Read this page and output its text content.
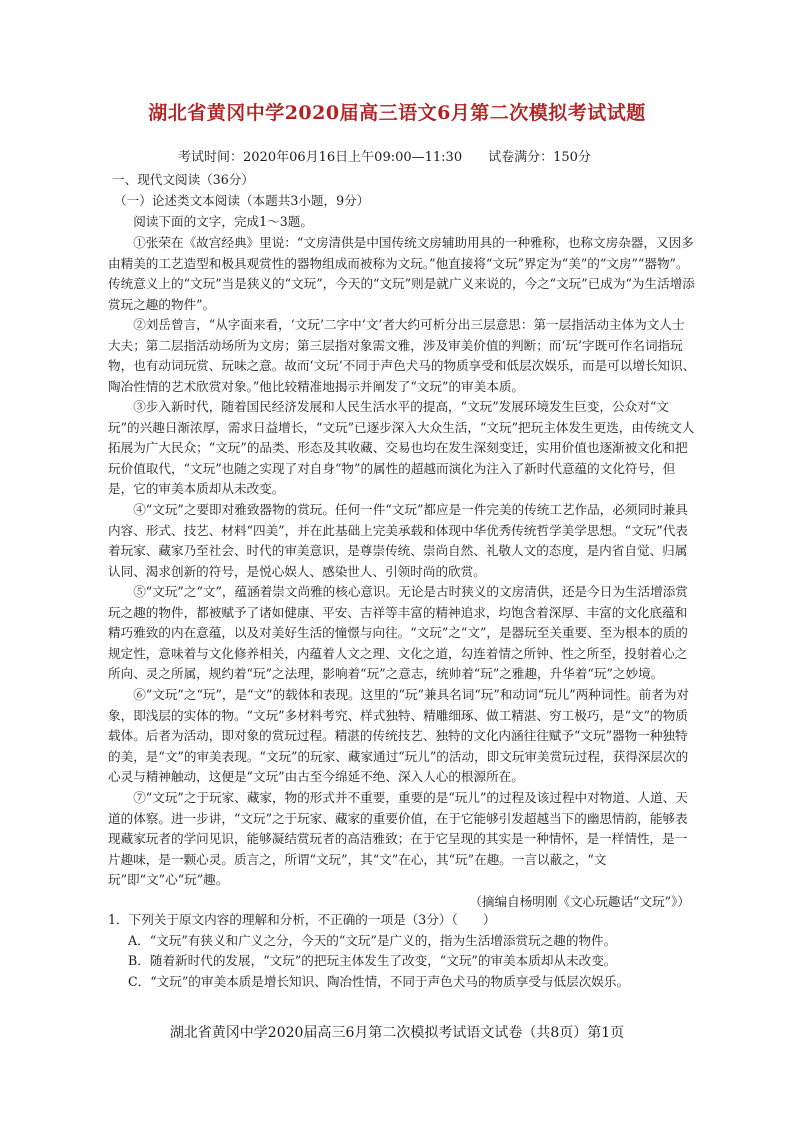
湖北省黄冈中学2020届高三语文6月第二次模拟考试试题
考试时间：2020年06月16日上午09:00—11:30　　试卷满分：150分
一、现代文阅读（36分）
（一）论述类文本阅读（本题共3小题，9分）
阅读下面的文字，完成1～3题。
①张荣在《故宫经典》里说：“文房清供是中国传统文房辅助用具的一种雅称，也称文房杂器，又因多由精美的工艺造型和极具观赏性的器物组成而被称为文玩。”他直接将“文玩”界定为“美”的“文房”“器物”。传统意义上的“文玩”当是狭义的“文玩”，今天的“文玩”则是就广义来说的，今之“文玩”已成为“为生活增添赏玩之趣的物件”。
②刘岳曾言，“从字面来看，‘文玩’二字中‘文’者大约可析分出三层意思：第一层指活动主体为文人士大夫；第二层指活动场所为文房；第三层指对象需文雅，涉及审美价值的判断；而‘玩’字既可作名词指玩物，也有动词玩赏、玩味之意。故而‘文玩’不同于声色犬马的物质享受和低层次娱乐，而是可以增长知识、陶冶性情的艺术欣赏对象。”他比较精准地揭示并阐发了“文玩”的审美本质。
③步入新时代，随着国民经济发展和人民生活水平的提高，“文玩”发展环境发生巨变，公众对“文玩”的兴趣日渐浓厚，需求日益增长，“文玩”已逐步深入大众生活，“文玩”把玩主体发生更迭，由传统文人拓展为广大民众；“文玩”的品类、形态及其收藏、交易也均在发生深刻变迁，实用价值也逐渐被文化和把玩价值取代，“文玩”也随之实现了对自身“物”的属性的超越而演化为注入了新时代意蕴的文化符号，但是，它的审美本质却从未改变。
④“文玩”之要即对雅致器物的赏玩。任何一件“文玩”都应是一件完美的传统工艺作品，必须同时兼具内容、形式、技艺、材料“四美”，并在此基础上完美承载和体现中华优秀传统哲学美学思想。“文玩”代表着玩家、藏家乃至社会、时代的审美意识，是尊崇传统、崇尚自然、礼敬人文的态度，是内省自觉、归属认同、渴求创新的符号，是悦心娱人、感染世人、引领时尚的欣赏。
⑤“文玩”之“文”，蕴涵着崇文尚雅的核心意识。无论是古时狭义的文房清供，还是今日为生活增添赏玩之趣的物件，都被赋予了诸如健康、平安、吉祥等丰富的精神追求，均饱含着深厚、丰富的文化底蕴和精巧雅致的内在意蕴，以及对美好生活的憧憬与向往。“文玩”之“文”，是器玩至关重要、至为根本的质的规定性，意味着与文化修养相关，内蕴着人文之理、文化之道，勾连着情之所钟、性之所至，投射着心之所向、灵之所属，规约着“玩”之法理，影响着“玩”之意志，统帅着“玩”之雅趣，升华着“玩”之妙境。
⑥“文玩”之“玩”，是“文”的载体和表现。这里的“玩”兼具名词“玩”和动词“玩儿”两种词性。前者为对象，即浅层的实体的物。“文玩”多材料考究、样式独特、精雕细琢、做工精湛、穷工极巧，是“文”的物质载体。后者为活动，即对象的赏玩过程。精湛的传统技艺、独特的文化内涵往往赋予“文玩”器物一种独特的美，是“文”的审美表现。“文玩”的玩家、藏家通过“玩儿”的活动，即文玩审美赏玩过程，获得深层次的心灵与精神触动，这便是“文玩”由古至今绵延不绝、深入人心的根源所在。
⑦“文玩”之于玩家、藏家，物的形式并不重要，重要的是“玩儿”的过程及该过程中对物道、人道、天道的体察。进一步讲，“文玩”之于玩家、藏家的重要价值，在于它能够引发超越当下的幽思情韵，能够表现藏家玩者的学问见识，能够凝结赏玩者的高洁雅致；在于它呈现的其实是一种情怀，是一样情性，是一片趣味，是一颗心灵。质言之，所谓“文玩”，其“文”在心，其“玩”在趣。一言以蔽之，“文玩”即“文”心“玩”趣。
（摘编自杨明刚《文心玩趣话“文玩”》）
1．下列关于原文内容的理解和分析，不正确的一项是（3分）（　　）
A．“文玩”有狭义和广义之分，今天的“文玩”是广义的，指为生活增添赏玩之趣的物件。
B．随着新时代的发展，“文玩”的把玩主体发生了改变，“文玩”的审美本质却从未改变。
C．“文玩”的审美本质是增长知识、陶冶性情，不同于声色犬马的物质享受与低层次娱乐。
湖北省黄冈中学2020届高三6月第二次模拟考试语文试卷（共8页）第1页
